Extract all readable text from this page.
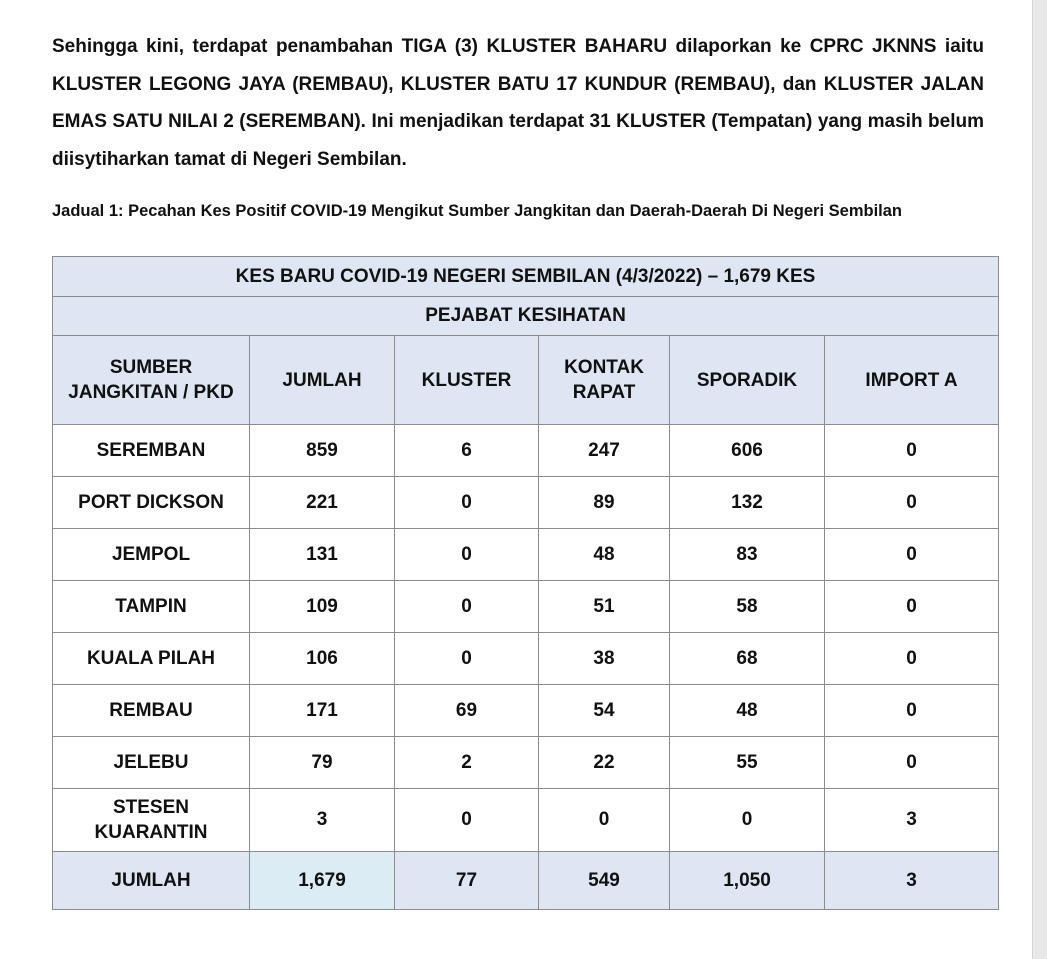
Sehingga kini, terdapat penambahan TIGA (3) KLUSTER BAHARU dilaporkan ke CPRC JKNNS iaitu KLUSTER LEGONG JAYA (REMBAU), KLUSTER BATU 17 KUNDUR (REMBAU), dan KLUSTER JALAN EMAS SATU NILAI 2 (SEREMBAN). Ini menjadikan terdapat 31 KLUSTER (Tempatan) yang masih belum diisytiharkan tamat di Negeri Sembilan.

Jadual 1: Pecahan Kes Positif COVID-19 Mengikut Sumber Jangkitan dan Daerah-Daerah Di Negeri Sembilan

KES BARU COVID-19 NEGERI SEMBILAN (4/3/2022) – 1,679 KES					
PEJABAT KESIHATAN					
SUMBER JANGKITAN / PKD	JUMLAH	KLUSTER	KONTAK RAPAT	SPORADIK	IMPORT A
SEREMBAN	859	6	247	606	0
PORT DICKSON	221	0	89	132	0
JEMPOL	131	0	48	83	0
TAMPIN	109	0	51	58	0
KUALA PILAH	106	0	38	68	0
REMBAU	171	69	54	48	0
JELEBU	79	2	22	55	0
STESEN KUARANTIN	3	0	0	0	3
JUMLAH	1,679	77	549	1,050	3
